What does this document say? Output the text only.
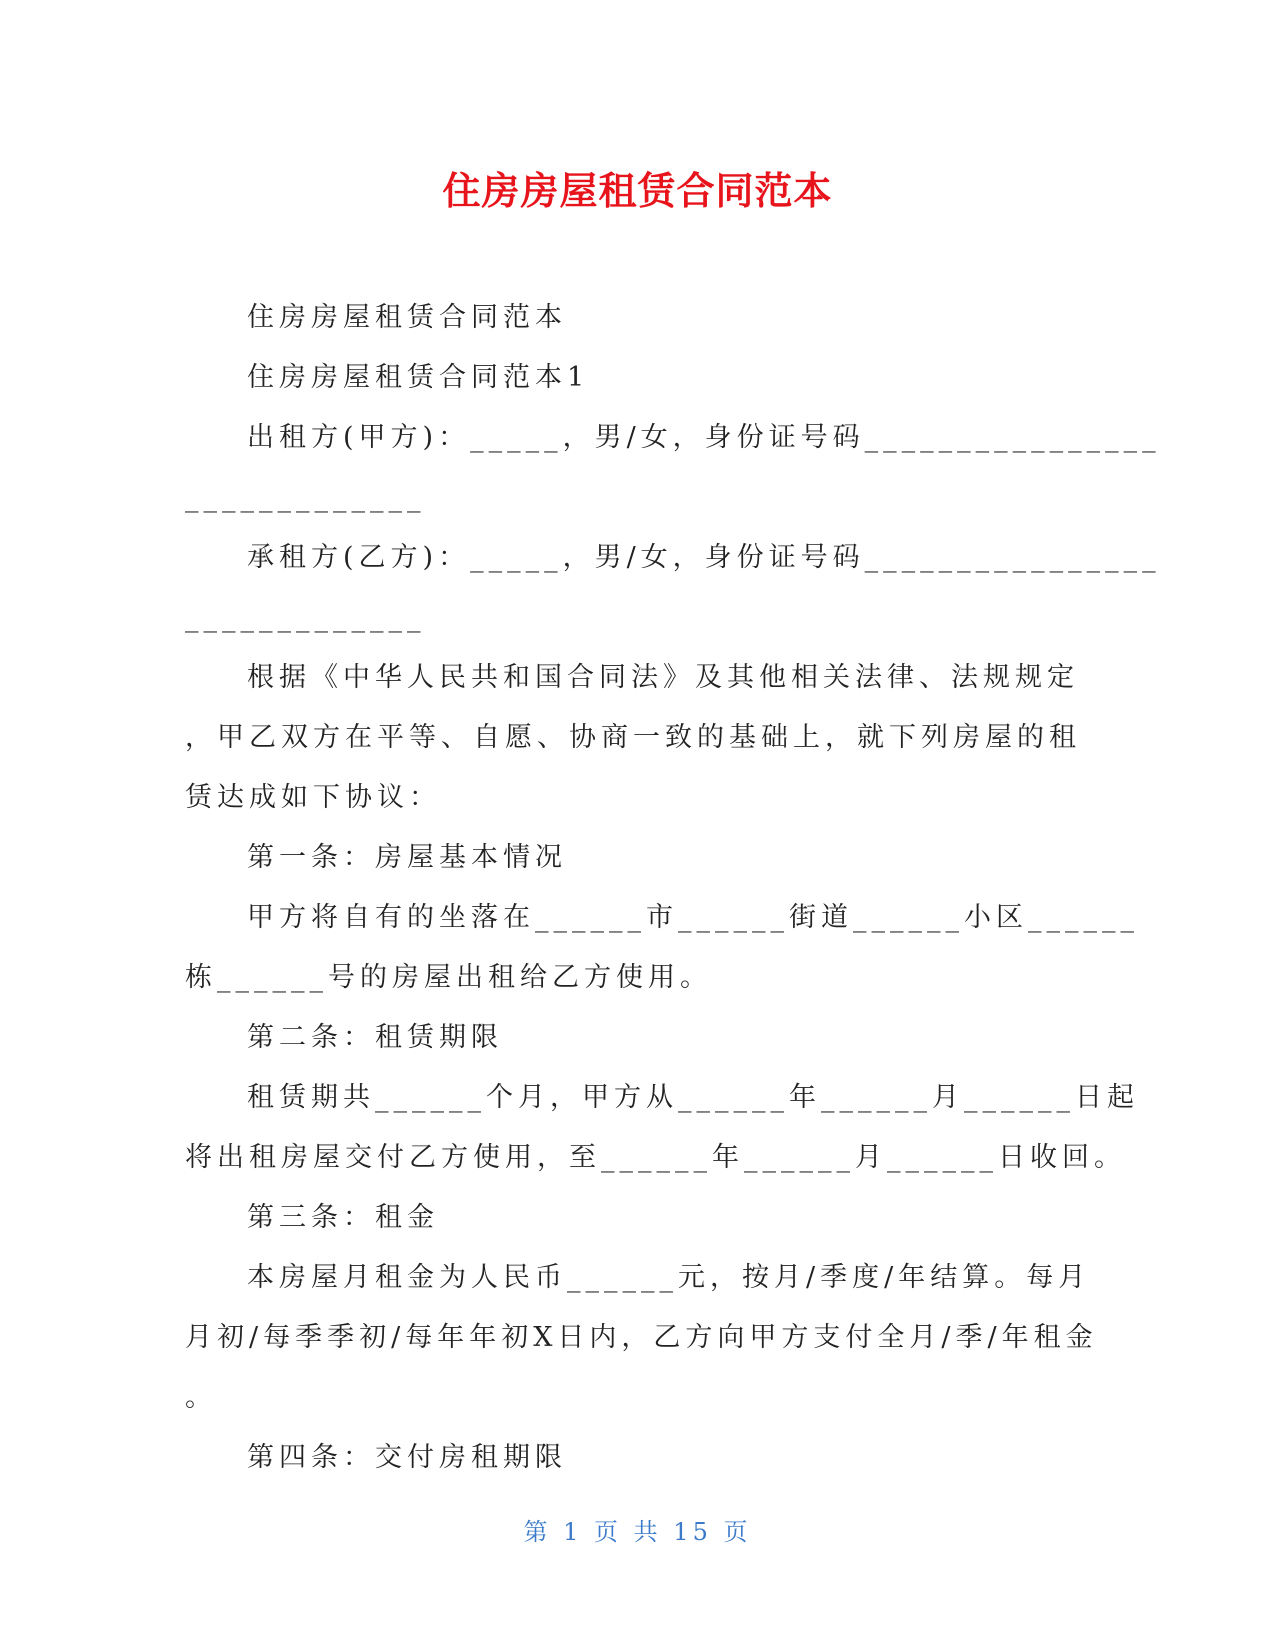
住房房屋租赁合同范本
住房房屋租赁合同范本
住房房屋租赁合同范本1
出租方(甲方)：_____，男/女，身份证号码________________
_____________
承租方(乙方)：_____，男/女，身份证号码________________
_____________
根据《中华人民共和国合同法》及其他相关法律、法规规定
，甲乙双方在平等、自愿、协商一致的基础上，就下列房屋的租
赁达成如下协议：
第一条：房屋基本情况
甲方将自有的坐落在______市______街道______小区______
栋______号的房屋出租给乙方使用。
第二条：租赁期限
租赁期共______个月，甲方从______年______月______日起
将出租房屋交付乙方使用，至______年______月______日收回。
第三条：租金
本房屋月租金为人民币______元，按月/季度/年结算。每月
月初/每季季初/每年年初X日内，乙方向甲方支付全月/季/年租金
。
第四条：交付房租期限
第 1 页 共 15 页
